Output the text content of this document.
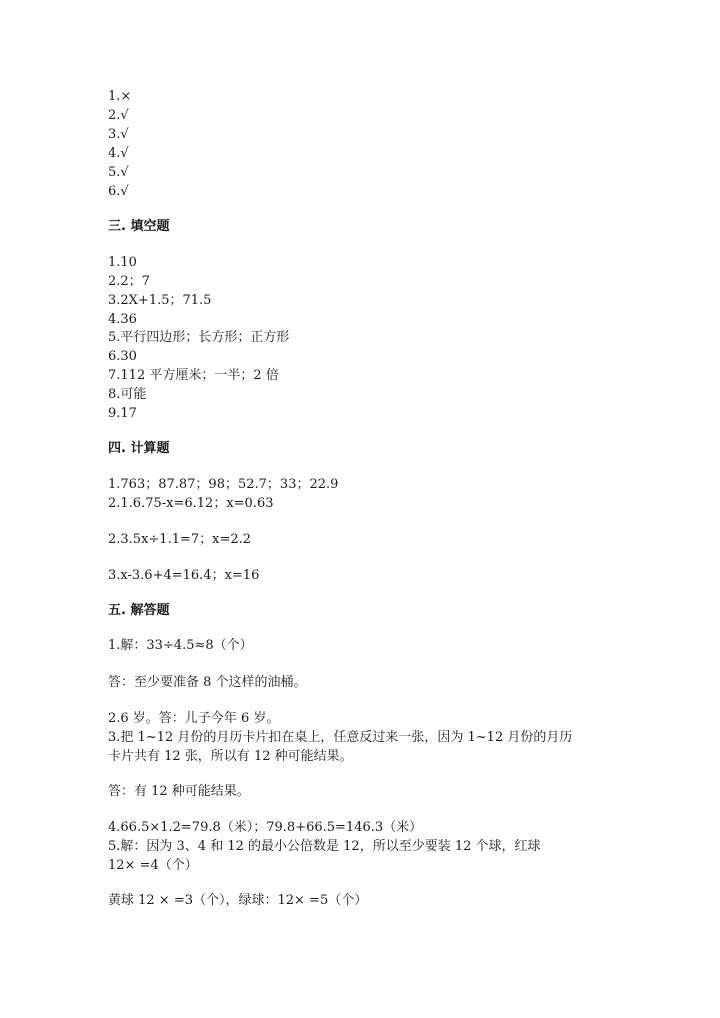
1.×
2.√
3.√
4.√
5.√
6.√
三. 填空题
1.10
2.2；7
3.2X+1.5；71.5
4.36
5.平行四边形；长方形；正方形
6.30
7.112 平方厘米；一半；2 倍
8.可能
9.17
四. 计算题
1.763；87.87；98；52.7；33；22.9
2.1.6.75-x=6.12；x=0.63
2.3.5x÷1.1=7；x=2.2
3.x-3.6+4=16.4；x=16
五. 解答题
1.解：33÷4.5≈8（个）
答：至少要准备 8 个这样的油桶。
2.6 岁。答：儿子今年 6 岁。
3.把 1~12 月份的月历卡片扣在桌上，任意反过来一张，因为 1~12 月份的月历
卡片共有 12 张，所以有 12 种可能结果。
答：有 12 种可能结果。
4.66.5×1.2=79.8（米）；79.8+66.5=146.3（米）
5.解：因为 3、4 和 12 的最小公倍数是 12，所以至少要装 12 个球，红球
12× =4（个）
黄球 12 × =3（个），绿球：12× =5（个）
